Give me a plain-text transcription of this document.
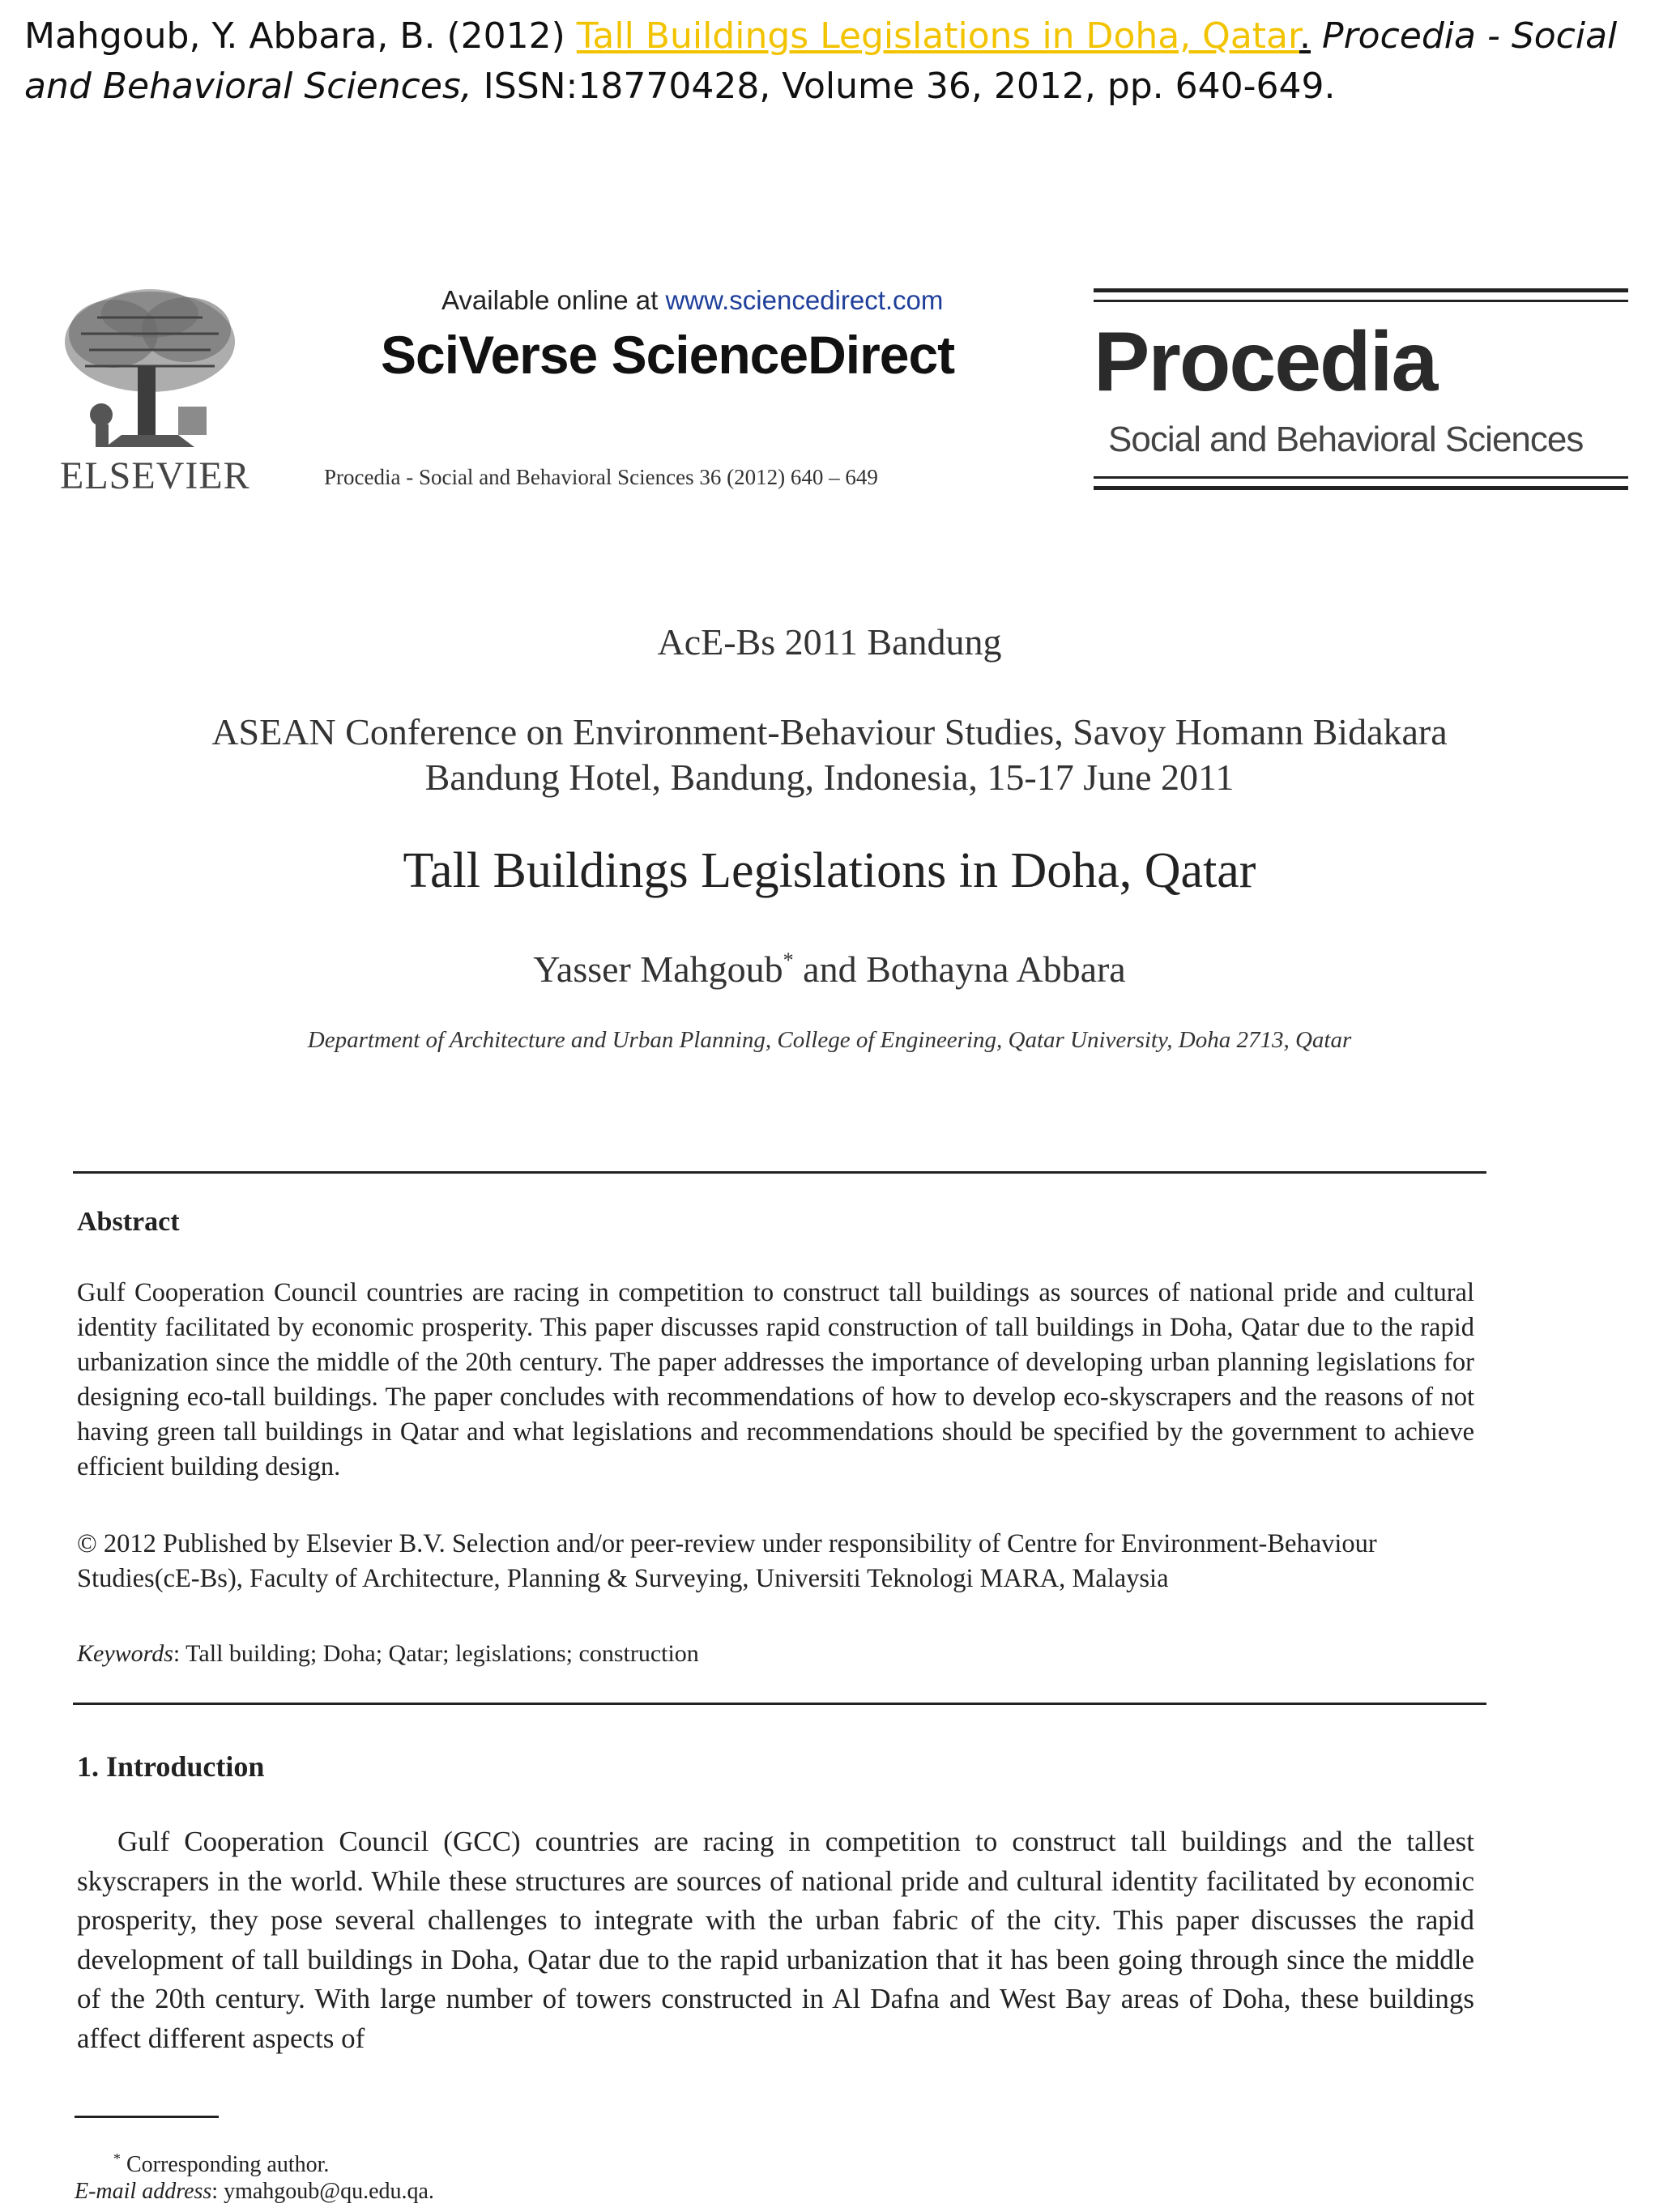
Mahgoub, Y. Abbara, B. (2012) Tall Buildings Legislations in Doha, Qatar. Procedia - Social and Behavioral Sciences, ISSN:18770428, Volume 36, 2012, pp. 640-649.
ELSEVIER
Available online at www.sciencedirect.com
SciVerse ScienceDirect
Procedia - Social and Behavioral Sciences 36 (2012) 640 – 649
Procedia
Social and Behavioral Sciences
AcE-Bs 2011 Bandung
ASEAN Conference on Environment-Behaviour Studies, Savoy Homann Bidakara
Bandung Hotel, Bandung, Indonesia, 15-17 June 2011
Tall Buildings Legislations in Doha, Qatar
Yasser Mahgoub* and Bothayna Abbara
Department of Architecture and Urban Planning, College of Engineering, Qatar University, Doha 2713, Qatar
Abstract
Gulf Cooperation Council countries are racing in competition to construct tall buildings as sources of national pride and cultural identity facilitated by economic prosperity. This paper discusses rapid construction of tall buildings in Doha, Qatar due to the rapid urbanization since the middle of the 20th century. The paper addresses the importance of developing urban planning legislations for designing eco-tall buildings. The paper concludes with recommendations of how to develop eco-skyscrapers and the reasons of not having green tall buildings in Qatar and what legislations and recommendations should be specified by the government to achieve efficient building design.
© 2012 Published by Elsevier B.V. Selection and/or peer-review under responsibility of Centre for Environment-Behaviour Studies(cE-Bs), Faculty of Architecture, Planning & Surveying, Universiti Teknologi MARA, Malaysia
Keywords: Tall building; Doha; Qatar; legislations; construction
1. Introduction
Gulf Cooperation Council (GCC) countries are racing in competition to construct tall buildings and the tallest skyscrapers in the world. While these structures are sources of national pride and cultural identity facilitated by economic prosperity, they pose several challenges to integrate with the urban fabric of the city. This paper discusses the rapid development of tall buildings in Doha, Qatar due to the rapid urbanization that it has been going through since the middle of the 20th century. With large number of towers constructed in Al Dafna and West Bay areas of Doha, these buildings affect different aspects of
* Corresponding author.
E-mail address: ymahgoub@qu.edu.qa.
